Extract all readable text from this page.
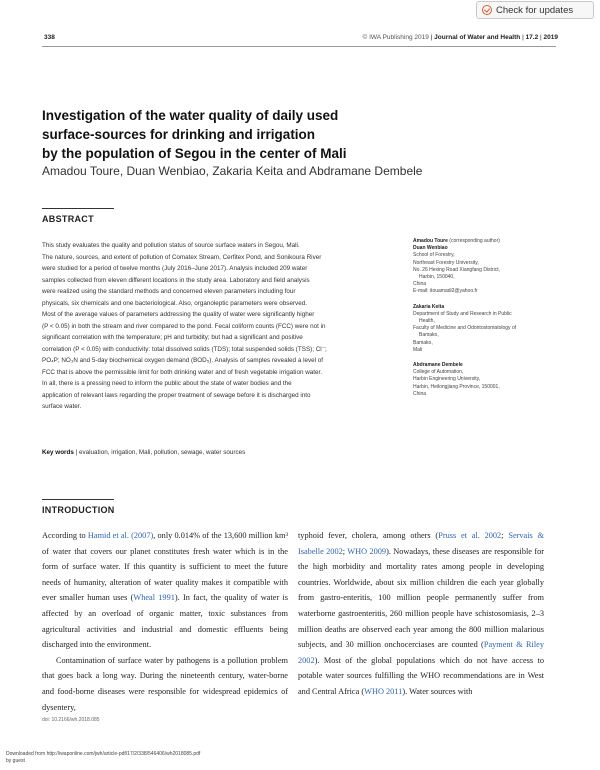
Check for updates
338	© IWA Publishing 2019 | Journal of Water and Health | 17.2 | 2019
Investigation of the water quality of daily used
surface-sources for drinking and irrigation
by the population of Segou in the center of Mali
Amadou Toure, Duan Wenbiao, Zakaria Keita and Abdramane Dembele
ABSTRACT
This study evaluates the quality and pollution status of source surface waters in Segou, Mali.
The nature, sources, and extent of pollution of Comatex Stream, Cerfitex Pond, and Sonikoura River
were studied for a period of twelve months (July 2016–June 2017). Analysis included 209 water
samples collected from eleven different locations in the study area. Laboratory and field analysis
were realized using the standard methods and concerned eleven parameters including four
physicals, six chemicals and one bacteriological. Also, organoleptic parameters were observed.
Most of the average values of parameters addressing the quality of water were significantly higher
(P < 0.05) in both the stream and river compared to the pond. Fecal coliform counts (FCC) were not in
significant correlation with the temperature; pH and turbidity; but had a significant and positive
correlation (P < 0.05) with conductivity: total dissolved solids (TDS); total suspended solids (TSS); Cl⁻;
PO₄P; NO₃N and 5-day biochemical oxygen demand (BOD₅). Analysis of samples revealed a level of
FCC that is above the permissible limit for both drinking water and of fresh vegetable irrigation water.
In all, there is a pressing need to inform the public about the state of water bodies and the
application of relevant laws regarding the proper treatment of sewage before it is discharged into
surface water.
Key words | evaluation, irrigation, Mali, pollution, sewage, water sources
Amadou Toure (corresponding author)
Duan Wenbiao
School of Forestry,
Northeast Forestry University,
No. 26 Hexing Road Xiangfang District,
Harbin, 150040,
China
E-mail: itouamadi2@yahoo.fr
Zakaria Keita
Department of Study and Research in Public
Health,
Faculty of Medicine and Odontostomatology of
Bamako,
Bamako,
Mali
Abdramane Dembele
College of Automation,
Harbin Engineering University,
Harbin, Heilongjiang Province, 150001,
China
INTRODUCTION

According to Hamid et al. (2007), only 0.014% of the 13,600 million km³ of water that covers our planet constitutes fresh water which is in the form of surface water. If this quantity is sufficient to meet the future needs of humanity, alteration of water quality makes it compatible with ever smaller human uses (Wheal 1991). In fact, the quality of water is affected by an overload of organic matter, toxic substances from agricultural activities and industrial and domestic effluents being discharged into the environment.

Contamination of surface water by pathogens is a pollution problem that goes back a long way. During the nineteenth century, water-borne and food-borne diseases were responsible for widespread epidemics of dysentery,

typhoid fever, cholera, among others (Pruss et al. 2002; Servais & Isabelle 2002; WHO 2009). Nowadays, these diseases are responsible for the high morbidity and mortality rates among people in developing countries. Worldwide, about six million children die each year globally from gastro-enteritis, 100 million people permanently suffer from waterborne gastroenteritis, 260 million people have schistosomiasis, 2–3 million deaths are observed each year among the 800 million malarious subjects, and 30 million onchocerciases are counted (Payment & Riley 2002). Most of the global populations which do not have access to potable water sources fulfilling the WHO recommendations are in West and Central Africa (WHO 2011). Water sources with

doi: 10.2166/wh.2018.085
Downloaded from http://iwaponline.com/jwh/article-pdf/17/2/338/546406/wh2018085.pdf
by guest
